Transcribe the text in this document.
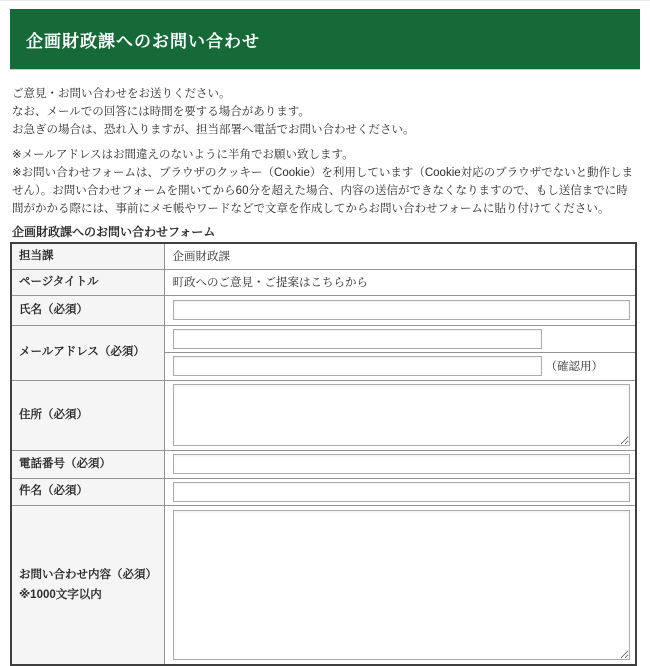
企画財政課へのお問い合わせ
ご意見・お問い合わせをお送りください。
なお、メールでの回答には時間を要する場合があります。
お急ぎの場合は、恐れ入りますが、担当部署へ電話でお問い合わせください。
※メールアドレスはお間違えのないように半角でお願い致します。
※お問い合わせフォームは、ブラウザのクッキー（Cookie）を利用しています（Cookie対応のブラウザでないと動作しません）。お問い合わせフォームを開いてから60分を超えた場合、内容の送信ができなくなりますので、もし送信までに時間がかかる際には、事前にメモ帳やワードなどで文章を作成してからお問い合わせフォームに貼り付けてください。
企画財政課へのお問い合わせフォーム
担当課	企画財政課
ページタイトル	町政へのご意見・ご提案はこちらから
氏名（必須）	
メールアドレス（必須）	
	（確認用）
住所（必須）	

電話番号（必須）	
件名（必須）	

お問い合わせ内容（必須）
※1000文字以内
